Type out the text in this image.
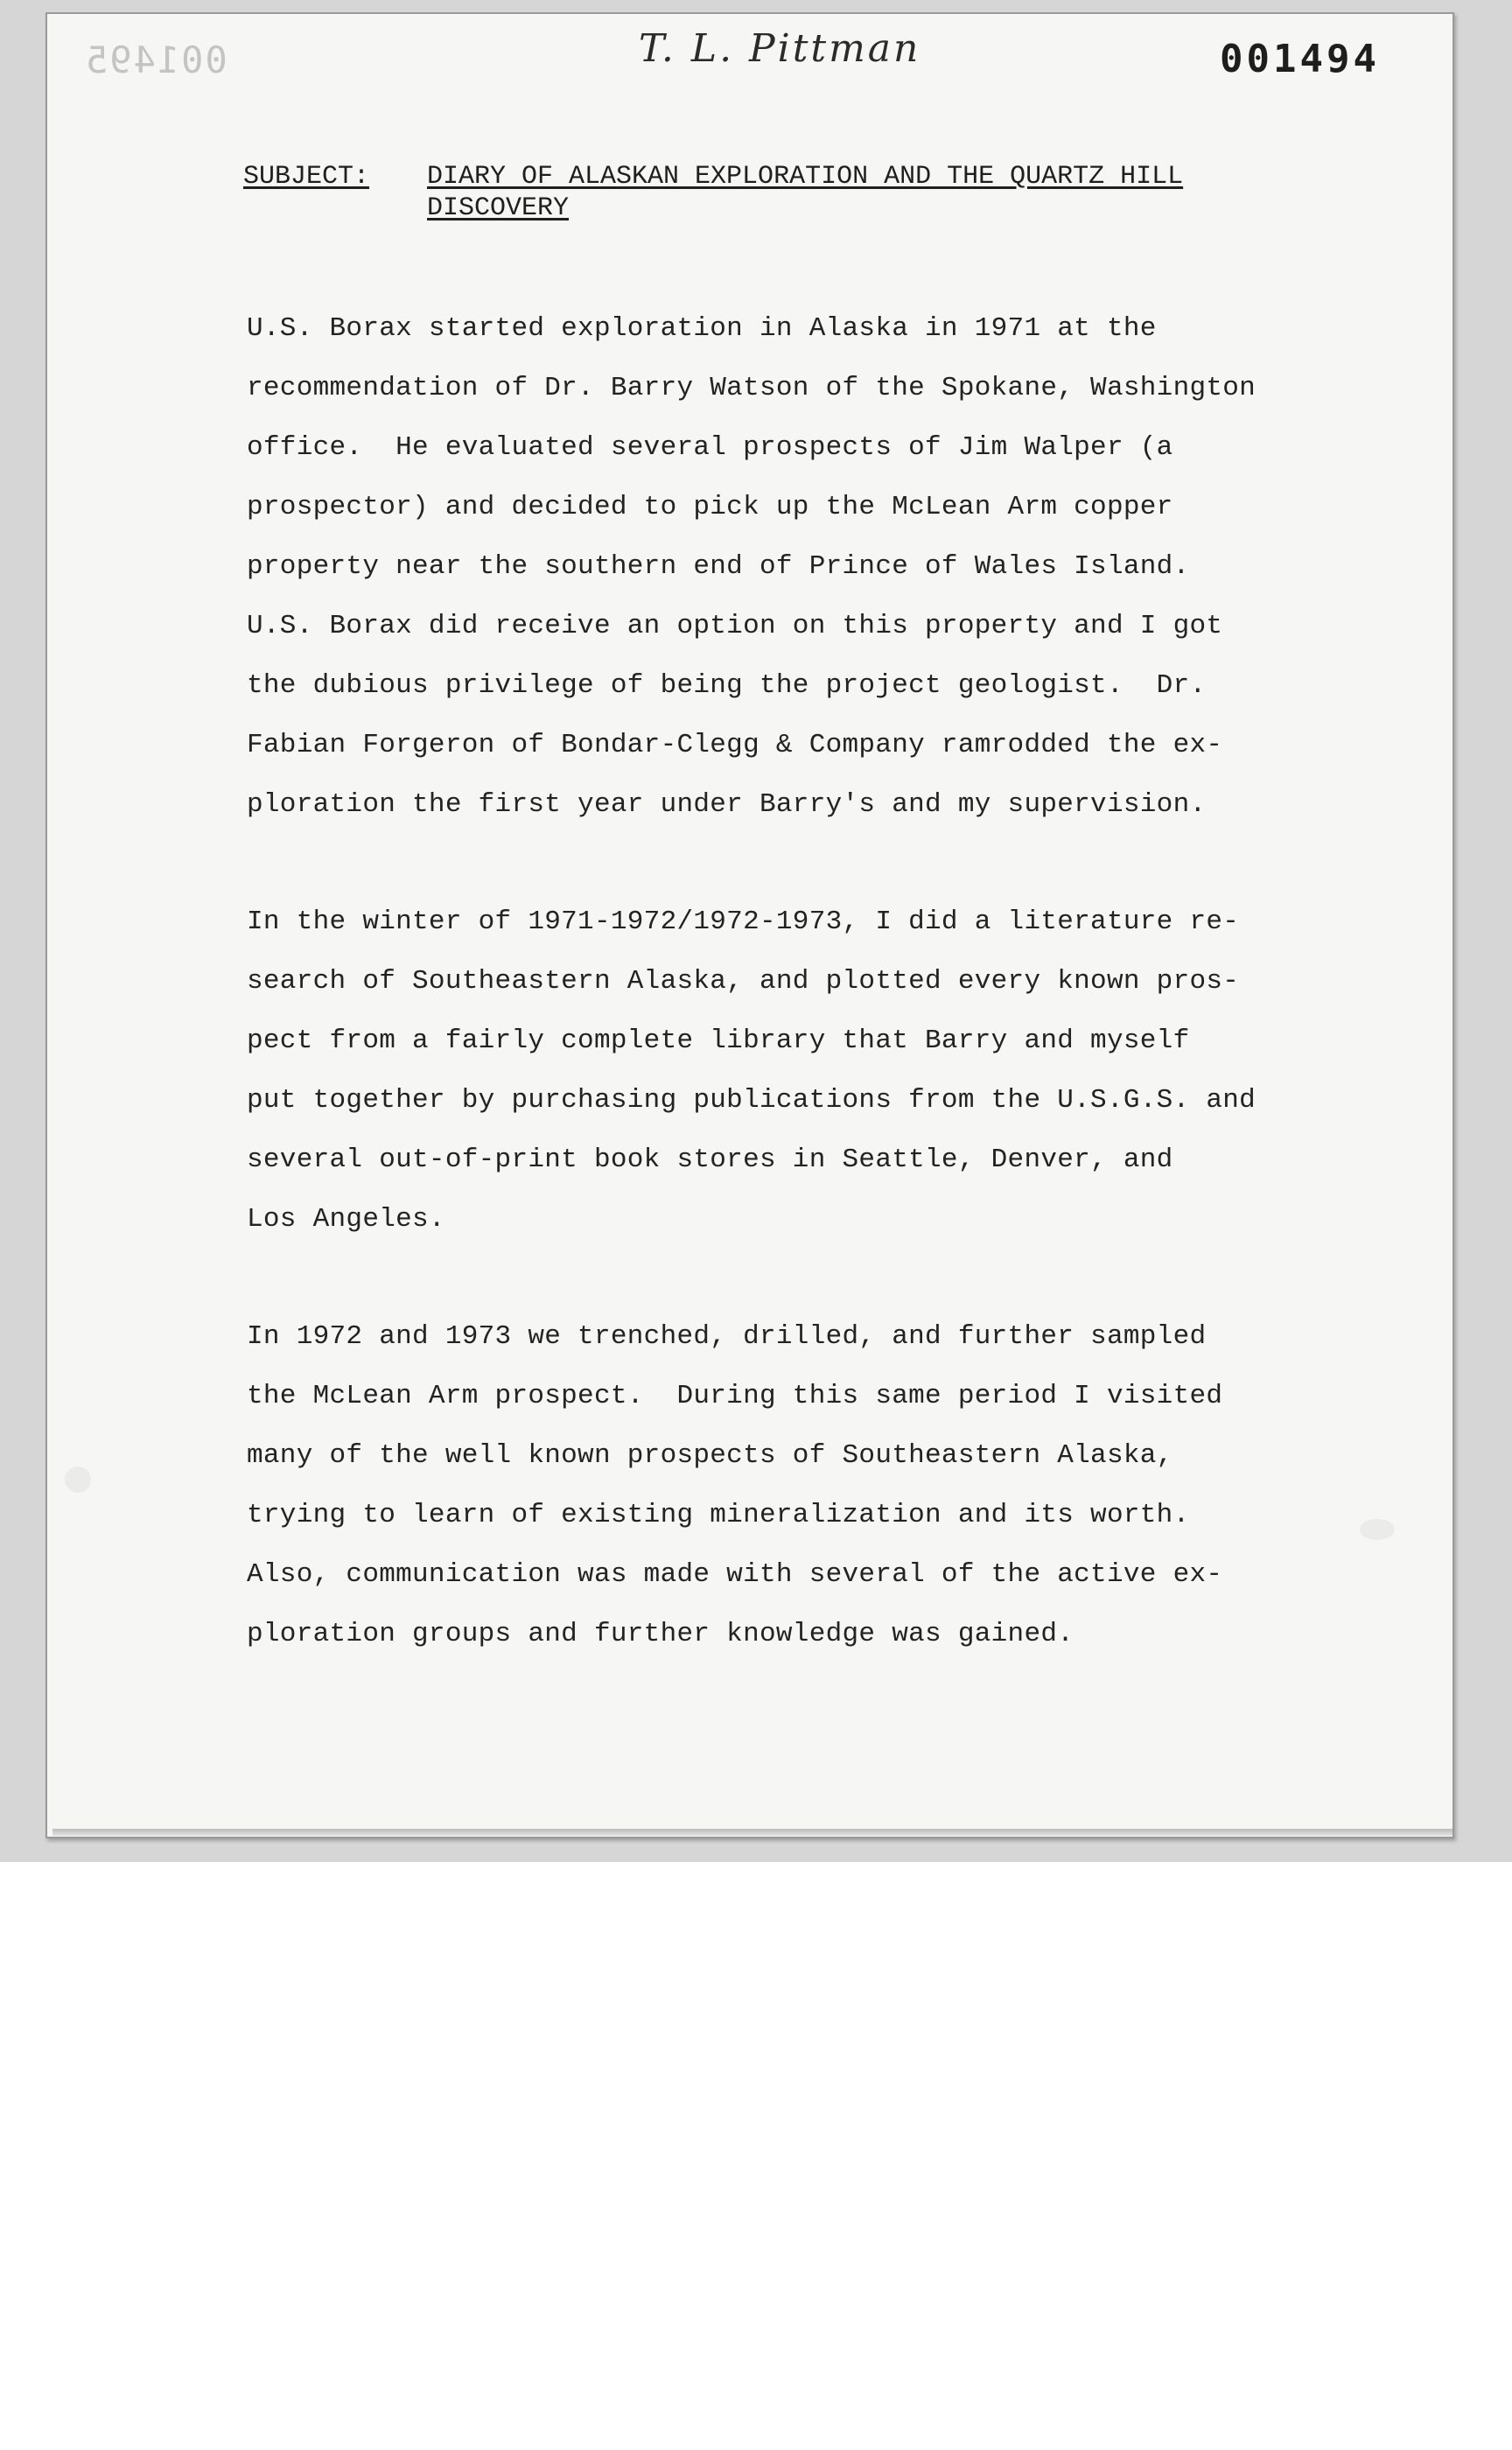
001495	T. L. Pittman	001494
SUBJECT: DIARY OF ALASKAN EXPLORATION AND THE QUARTZ HILL
DISCOVERY
U.S. Borax started exploration in Alaska in 1971 at the
recommendation of Dr. Barry Watson of the Spokane, Washington
office.  He evaluated several prospects of Jim Walper (a
prospector) and decided to pick up the McLean Arm copper
property near the southern end of Prince of Wales Island.
U.S. Borax did receive an option on this property and I got
the dubious privilege of being the project geologist.  Dr.
Fabian Forgeron of Bondar-Clegg & Company ramrodded the ex-
ploration the first year under Barry's and my supervision.
In the winter of 1971-1972/1972-1973, I did a literature re-
search of Southeastern Alaska, and plotted every known pros-
pect from a fairly complete library that Barry and myself
put together by purchasing publications from the U.S.G.S. and
several out-of-print book stores in Seattle, Denver, and
Los Angeles.
In 1972 and 1973 we trenched, drilled, and further sampled
the McLean Arm prospect.  During this same period I visited
many of the well known prospects of Southeastern Alaska,
trying to learn of existing mineralization and its worth.
Also, communication was made with several of the active ex-
ploration groups and further knowledge was gained.
